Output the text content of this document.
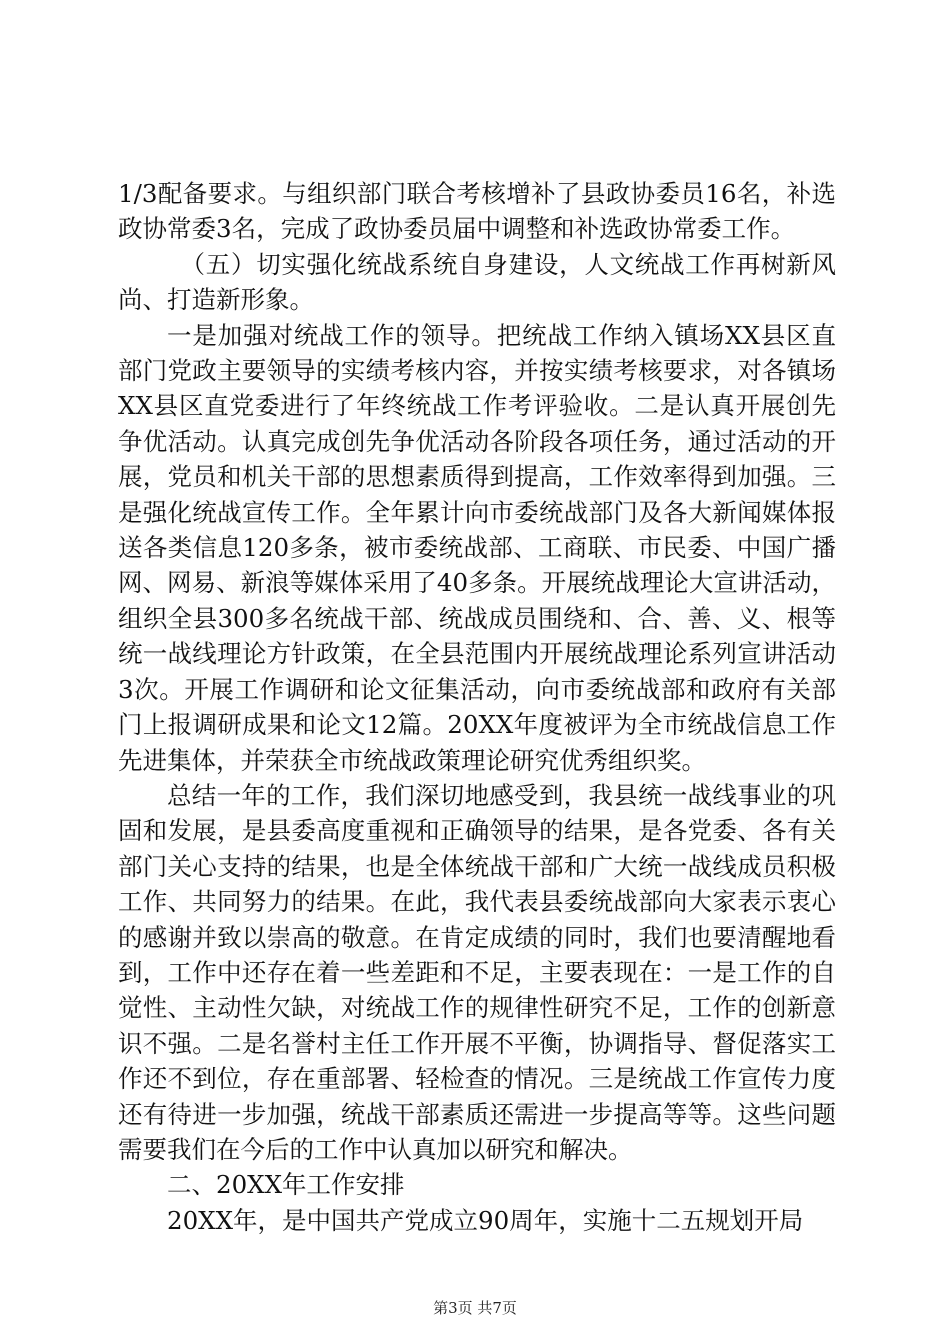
1/3配备要求。与组织部门联合考核增补了县政协委员16名，补选政协常委3名，完成了政协委员届中调整和补选政协常委工作。

（五）切实强化统战系统自身建设，人文统战工作再树新风尚、打造新形象。

一是加强对统战工作的领导。把统战工作纳入镇场XX县区直部门党政主要领导的实绩考核内容，并按实绩考核要求，对各镇场XX县区直党委进行了年终统战工作考评验收。二是认真开展创先争优活动。认真完成创先争优活动各阶段各项任务，通过活动的开展，党员和机关干部的思想素质得到提高，工作效率得到加强。三是强化统战宣传工作。全年累计向市委统战部门及各大新闻媒体报送各类信息120多条，被市委统战部、工商联、市民委、中国广播网、网易、新浪等媒体采用了40多条。开展统战理论大宣讲活动，组织全县300多名统战干部、统战成员围绕和、合、善、义、根等统一战线理论方针政策，在全县范围内开展统战理论系列宣讲活动3次。开展工作调研和论文征集活动，向市委统战部和政府有关部门上报调研成果和论文12篇。20XX年度被评为全市统战信息工作先进集体，并荣获全市统战政策理论研究优秀组织奖。

总结一年的工作，我们深切地感受到，我县统一战线事业的巩固和发展，是县委高度重视和正确领导的结果，是各党委、各有关部门关心支持的结果，也是全体统战干部和广大统一战线成员积极工作、共同努力的结果。在此，我代表县委统战部向大家表示衷心的感谢并致以崇高的敬意。在肯定成绩的同时，我们也要清醒地看到，工作中还存在着一些差距和不足，主要表现在：一是工作的自觉性、主动性欠缺，对统战工作的规律性研究不足，工作的创新意识不强。二是名誉村主任工作开展不平衡，协调指导、督促落实工作还不到位，存在重部署、轻检查的情况。三是统战工作宣传力度还有待进一步加强，统战干部素质还需进一步提高等等。这些问题需要我们在今后的工作中认真加以研究和解决。

二、20XX年工作安排

20XX年，是中国共产党成立90周年，实施十二五规划开局

第3页 共7页
